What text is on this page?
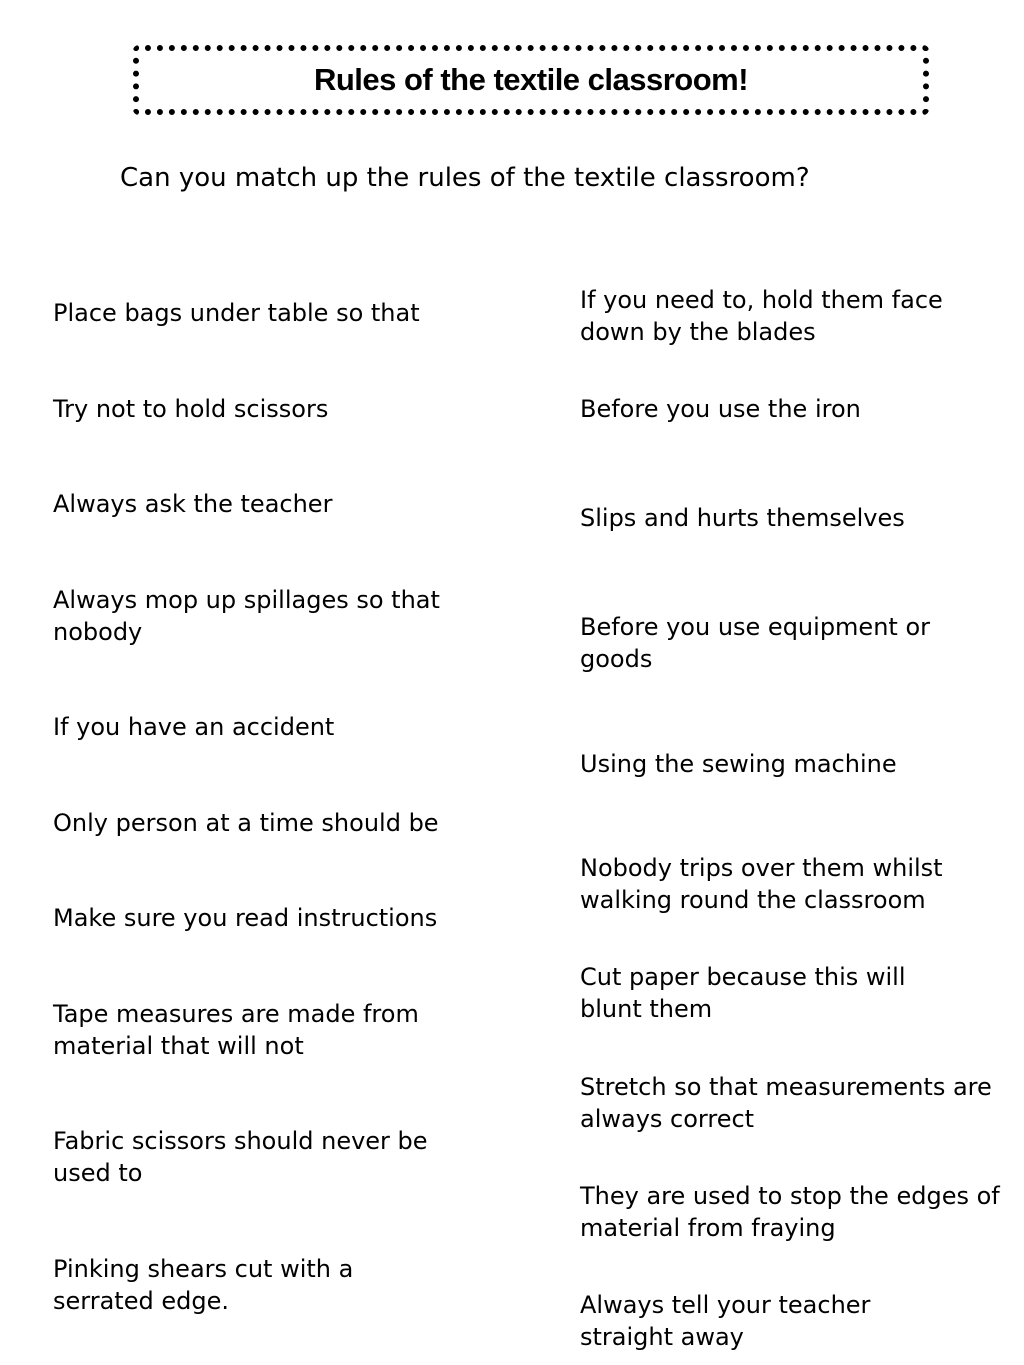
Rules of the textile classroom!
Can you match up the rules of the textile classroom?
Place bags under table so that
Try not to hold scissors
Always ask the teacher
Always mop up spillages so that nobody
If you have an accident
Only person at a time should be
Make sure you read instructions
Tape measures are made from material that will not
Fabric scissors should never be used to
Pinking shears cut with a serrated edge.
If you need to, hold them face down by the blades
Before you use the iron
Slips and hurts themselves
Before you use equipment or goods
Using the sewing machine
Nobody trips over them whilst walking round the classroom
Cut paper because this will blunt them
Stretch so that measurements are always correct
They are used to stop the edges of material from fraying
Always tell your teacher straight away
